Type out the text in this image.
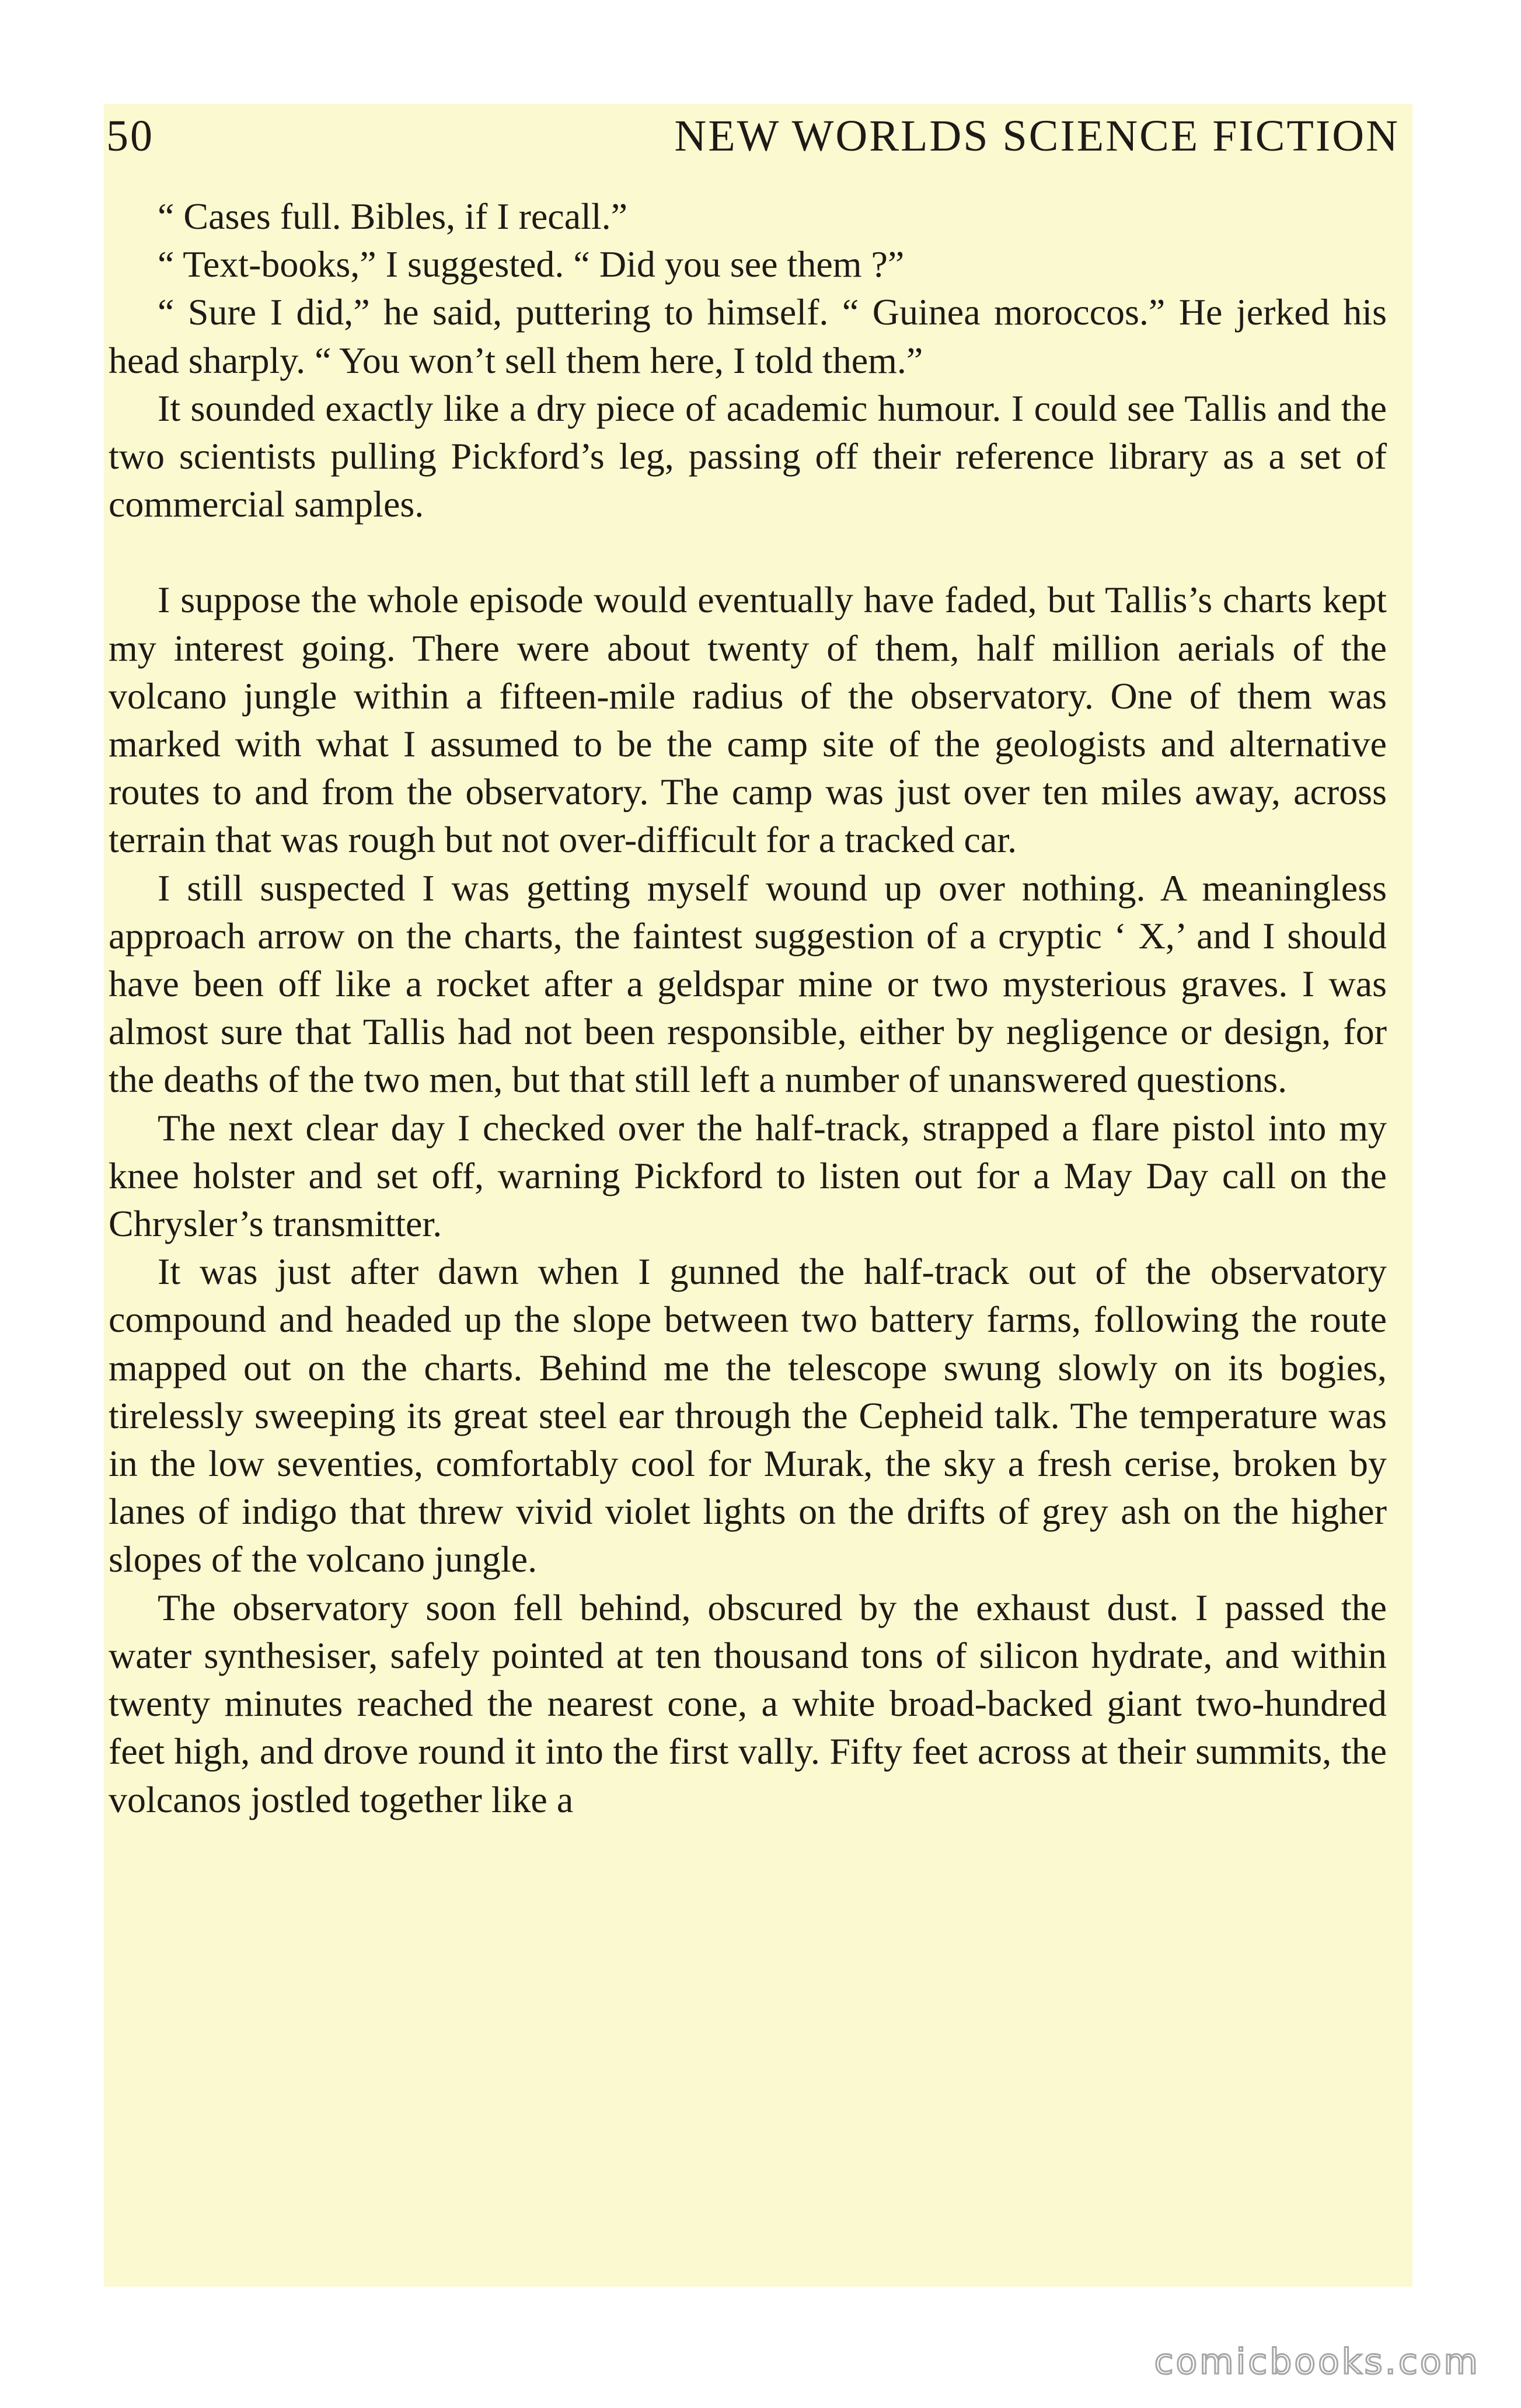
50	NEW WORLDS SCIENCE FICTION

“ Cases full. Bibles, if I recall.”

“ Text-books,” I suggested. “ Did you see them ?”

“ Sure I did,” he said, puttering to himself. “ Guinea moroccos.” He jerked his head sharply. “ You won’t sell them here, I told them.”

It sounded exactly like a dry piece of academic humour. I could see Tallis and the two scientists pulling Pickford’s leg, passing off their reference library as a set of commercial samples.

I suppose the whole episode would eventually have faded, but Tallis’s charts kept my interest going. There were about twenty of them, half million aerials of the volcano jungle within a fifteen-mile radius of the observatory. One of them was marked with what I assumed to be the camp site of the geologists and alternative routes to and from the observatory. The camp was just over ten miles away, across terrain that was rough but not over-difficult for a tracked car.

I still suspected I was getting myself wound up over nothing. A meaningless approach arrow on the charts, the faintest suggestion of a cryptic ‘ X,’ and I should have been off like a rocket after a geldspar mine or two mysterious graves. I was almost sure that Tallis had not been responsible, either by negligence or design, for the deaths of the two men, but that still left a number of unanswered questions.

The next clear day I checked over the half-track, strapped a flare pistol into my knee holster and set off, warning Pickford to listen out for a May Day call on the Chrysler’s transmitter.

It was just after dawn when I gunned the half-track out of the observatory compound and headed up the slope between two battery farms, following the route mapped out on the charts. Behind me the telescope swung slowly on its bogies, tirelessly sweeping its great steel ear through the Cepheid talk. The temperature was in the low seventies, comfortably cool for Murak, the sky a fresh cerise, broken by lanes of indigo that threw vivid violet lights on the drifts of grey ash on the higher slopes of the volcano jungle.

The observatory soon fell behind, obscured by the exhaust dust. I passed the water synthesiser, safely pointed at ten thousand tons of silicon hydrate, and within twenty minutes reached the nearest cone, a white broad-backed giant two-hundred feet high, and drove round it into the first vally. Fifty feet across at their summits, the volcanos jostled together like a

comicbooks.com
